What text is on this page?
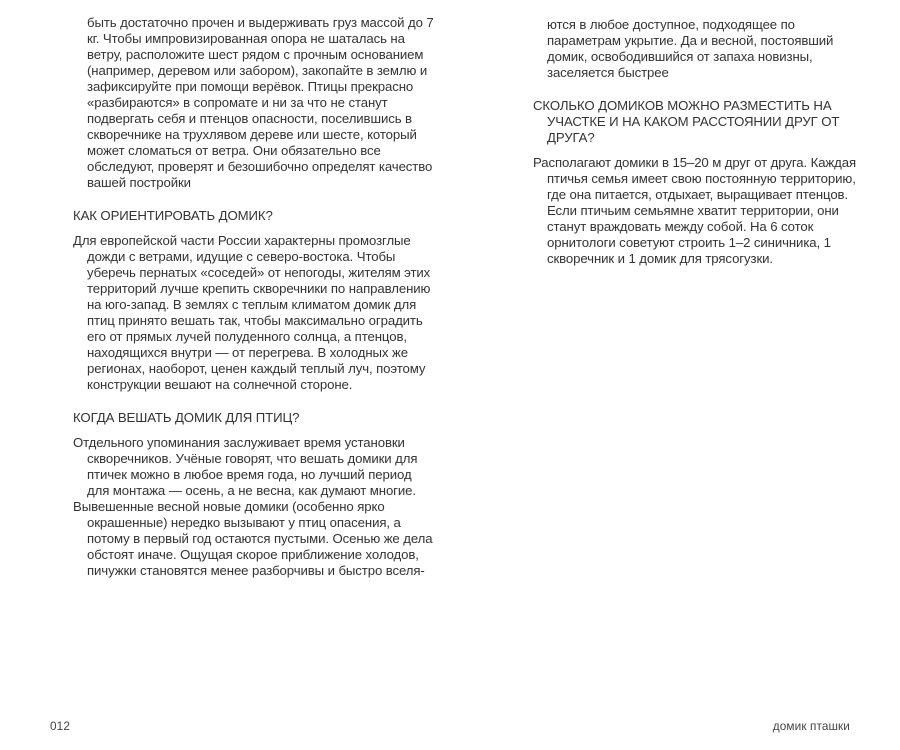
быть достаточно прочен и выдерживать груз массой до 7 кг. Чтобы импровизированная опора не шаталась на ветру, расположите шест рядом с прочным основанием (например, деревом или забором), закопайте в землю и зафиксируйте при помощи верёвок. Птицы прекрасно «разбираются» в сопромате и ни за что не станут подвергать себя и птенцов опасности, поселившись в скворечнике на трухлявом дереве или шесте, который может сломаться от ветра. Они обязательно все обследуют, проверят и безошибочно определят качество вашей постройки

КАК ОРИЕНТИРОВАТЬ ДОМИК?

Для европейской части России характерны промозглые дожди с ветрами, идущие с северо-востока. Чтобы уберечь пернатых «соседей» от непогоды, жителям этих территорий лучше крепить скворечники по направлению на юго-запад. В землях с теплым климатом домик для птиц принято вешать так, чтобы максимально оградить его от прямых лучей полуденного солнца, а птенцов, находящихся внутри — от перегрева. В холодных же регионах, наоборот, ценен каждый теплый луч, поэтому конструкции вешают на солнечной стороне.

КОГДА ВЕШАТЬ ДОМИК ДЛЯ ПТИЦ?

Отдельного упоминания заслуживает время установки скворечников. Учёные говорят, что вешать домики для птичек можно в любое время года, но лучший период для монтажа — осень, а не весна, как думают многие.

Вывешенные весной новые домики (особенно ярко окрашенные) нередко вызывают у птиц опасения, а потому в первый год остаются пустыми. Осенью же дела обстоят иначе. Ощущая скорое приближение холодов, пичужки становятся менее разборчивы и быстро вселя-

ются в любое доступное, подходящее по параметрам укрытие. Да и весной, постоявший домик, освободившийся от запаха новизны, заселяется быстрее

СКОЛЬКО ДОМИКОВ МОЖНО РАЗМЕСТИТЬ НА УЧАСТКЕ И НА КАКОМ РАССТОЯНИИ ДРУГ ОТ ДРУГА?

Располагают домики в 15–20 м друг от друга. Каждая птичья семья имеет свою постоянную территорию, где она питается, отдыхает, выращивает птенцов. Если птичьим семьямне хватит территории, они станут враждовать между собой. На 6 соток орнитологи советуют строить 1–2 синичника, 1 скворечник и 1 домик для трясогузки.

012	домик пташки
